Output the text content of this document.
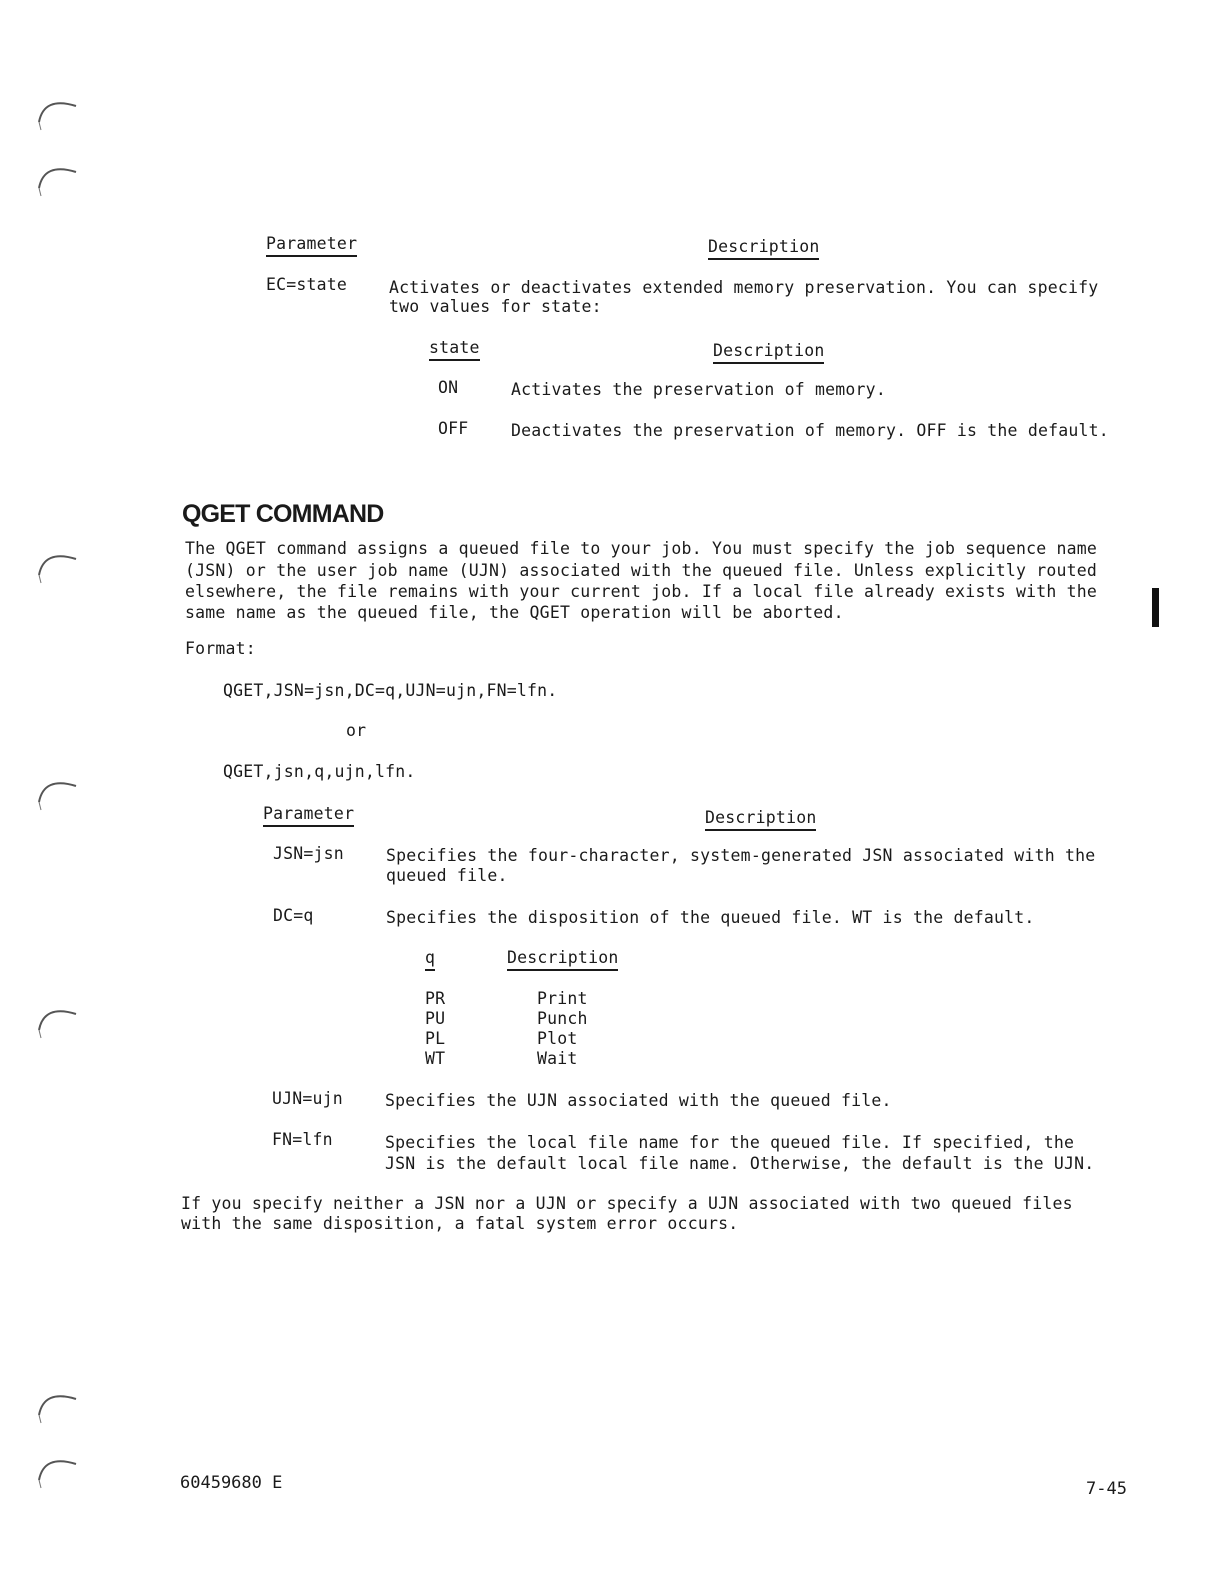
Parameter	Description
EC=state	Activates or deactivates extended memory preservation. You can specify
two values for state:
state	Description
ON	Activates the preservation of memory.
OFF	Deactivates the preservation of memory. OFF is the default.
QGET COMMAND
The QGET command assigns a queued file to your job. You must specify the job sequence name
(JSN) or the user job name (UJN) associated with the queued file. Unless explicitly routed
elsewhere, the file remains with your current job. If a local file already exists with the
same name as the queued file, the QGET operation will be aborted.
Format:
QGET,JSN=jsn,DC=q,UJN=ujn,FN=lfn.
or
QGET,jsn,q,ujn,lfn.
Parameter	Description
JSN=jsn	Specifies the four-character, system-generated JSN associated with the
queued file.
DC=q	Specifies the disposition of the queued file. WT is the default.
q	Description
PR	Print
PU	Punch
PL	Plot
WT	Wait
UJN=ujn	Specifies the UJN associated with the queued file.
FN=lfn	Specifies the local file name for the queued file. If specified, the
JSN is the default local file name. Otherwise, the default is the UJN.
If you specify neither a JSN nor a UJN or specify a UJN associated with two queued files
with the same disposition, a fatal system error occurs.
60459680 E	7-45
